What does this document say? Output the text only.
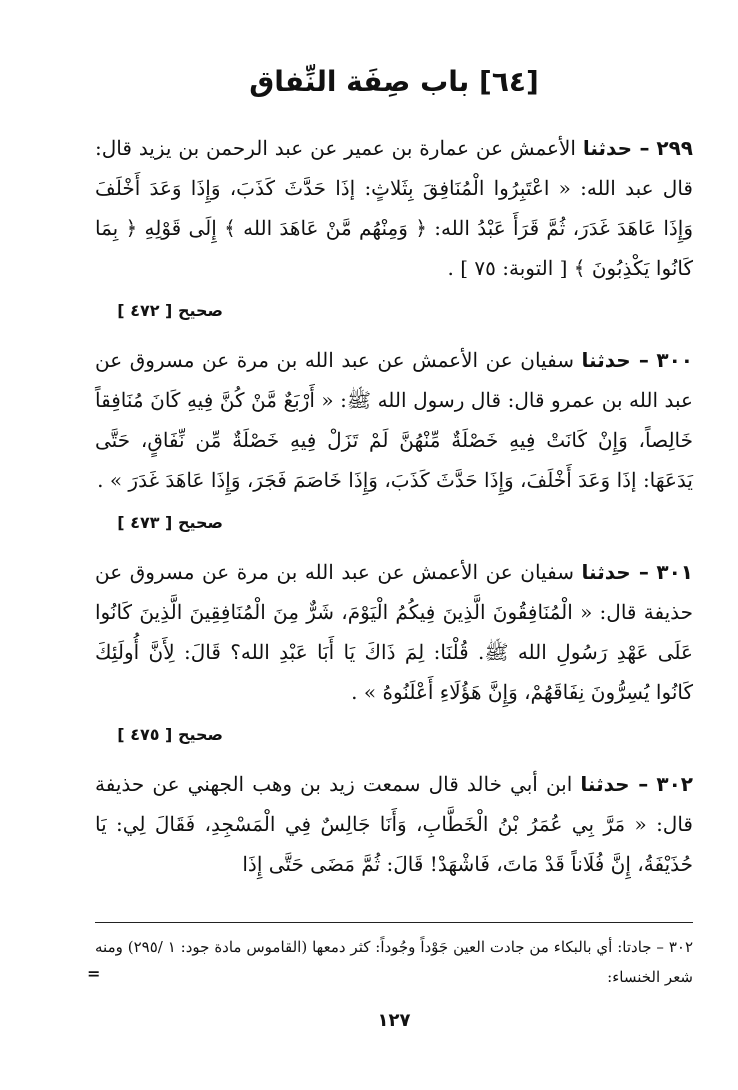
[٦٤] باب صِفَة النِّفاق
٢٩٩ – حدثنا الأعمش عن عمارة بن عمير عن عبد الرحمن بن يزيد قال: قال عبد الله: « اعْتَبِرُوا الْمُنَافِقَ بِثَلاثٍ: إذَا حَدَّثَ كَذَبَ، وَإِذَا وَعَدَ أَخْلَفَ وَإِذَا عَاهَدَ غَدَرَ، ثُمَّ قَرَأَ عَبْدُ الله: ﴿ وَمِنْهُم مَّنْ عَاهَدَ الله ﴾ إِلَى قَوْلِهِ ﴿ بِمَا كَانُوا يَكْذِبُونَ ﴾ [ التوبة: ٧٥ ] .
صحيح [ ٤٧٢ ]
٣٠٠ – حدثنا سفيان عن الأعمش عن عبد الله بن مرة عن مسروق عن عبد الله بن عمرو قال: قال رسول الله ﷺ: « أَرْبَعٌ مَّنْ كُنَّ فِيهِ كَانَ مُنَافِقاً خَالِصاً، وَإِنْ كَانَتْ فِيهِ خَصْلَةٌ مِّنْهُنَّ لَمْ تَزَلْ فِيهِ خَصْلَةٌ مِّن نِّفَاقٍ، حَتَّى يَدَعَهَا: إذَا وَعَدَ أَخْلَفَ، وَإِذَا حَدَّثَ كَذَبَ، وَإِذَا خَاصَمَ فَجَرَ، وَإِذَا عَاهَدَ غَدَرَ » .
صحيح [ ٤٧٣ ]
٣٠١ – حدثنا سفيان عن الأعمش عن عبد الله بن مرة عن مسروق عن حذيفة قال: « الْمُنَافِقُونَ الَّذِينَ فِيكُمُ الْيَوْمَ، شَرٌّ مِنَ الْمُنَافِقِينَ الَّذِينَ كَانُوا عَلَى عَهْدِ رَسُولِ الله ﷺ. قُلْنَا: لِمَ ذَاكَ يَا أَبَا عَبْدِ الله؟ قَالَ: لِأَنَّ أُولَئِكَ كَانُوا يُسِرُّونَ نِفَاقَهُمْ، وَإِنَّ هَؤُلَاءِ أَعْلَنُوهُ » .
صحيح [ ٤٧٥ ]
٣٠٢ – حدثنا ابن أبي خالد قال سمعت زيد بن وهب الجهني عن حذيفة قال: « مَرَّ بِي عُمَرُ بْنُ الْخَطَّابِ، وَأَنَا جَالِسٌ فِي الْمَسْجِدِ، فَقَالَ لِي: يَا حُذَيْفَةُ، إِنَّ فُلَاناً قَدْ مَاتَ، فَاشْهَدْ! قَالَ: ثُمَّ مَضَى حَتَّى إِذَا
٣٠٢ – جادتا: أي بالبكاء من جادت العين جَوْداً وجُوداً: كثر دمعها (القاموس مادة جود: ١ /٢٩٥) ومنه شعر الخنساء:
=
١٢٧
